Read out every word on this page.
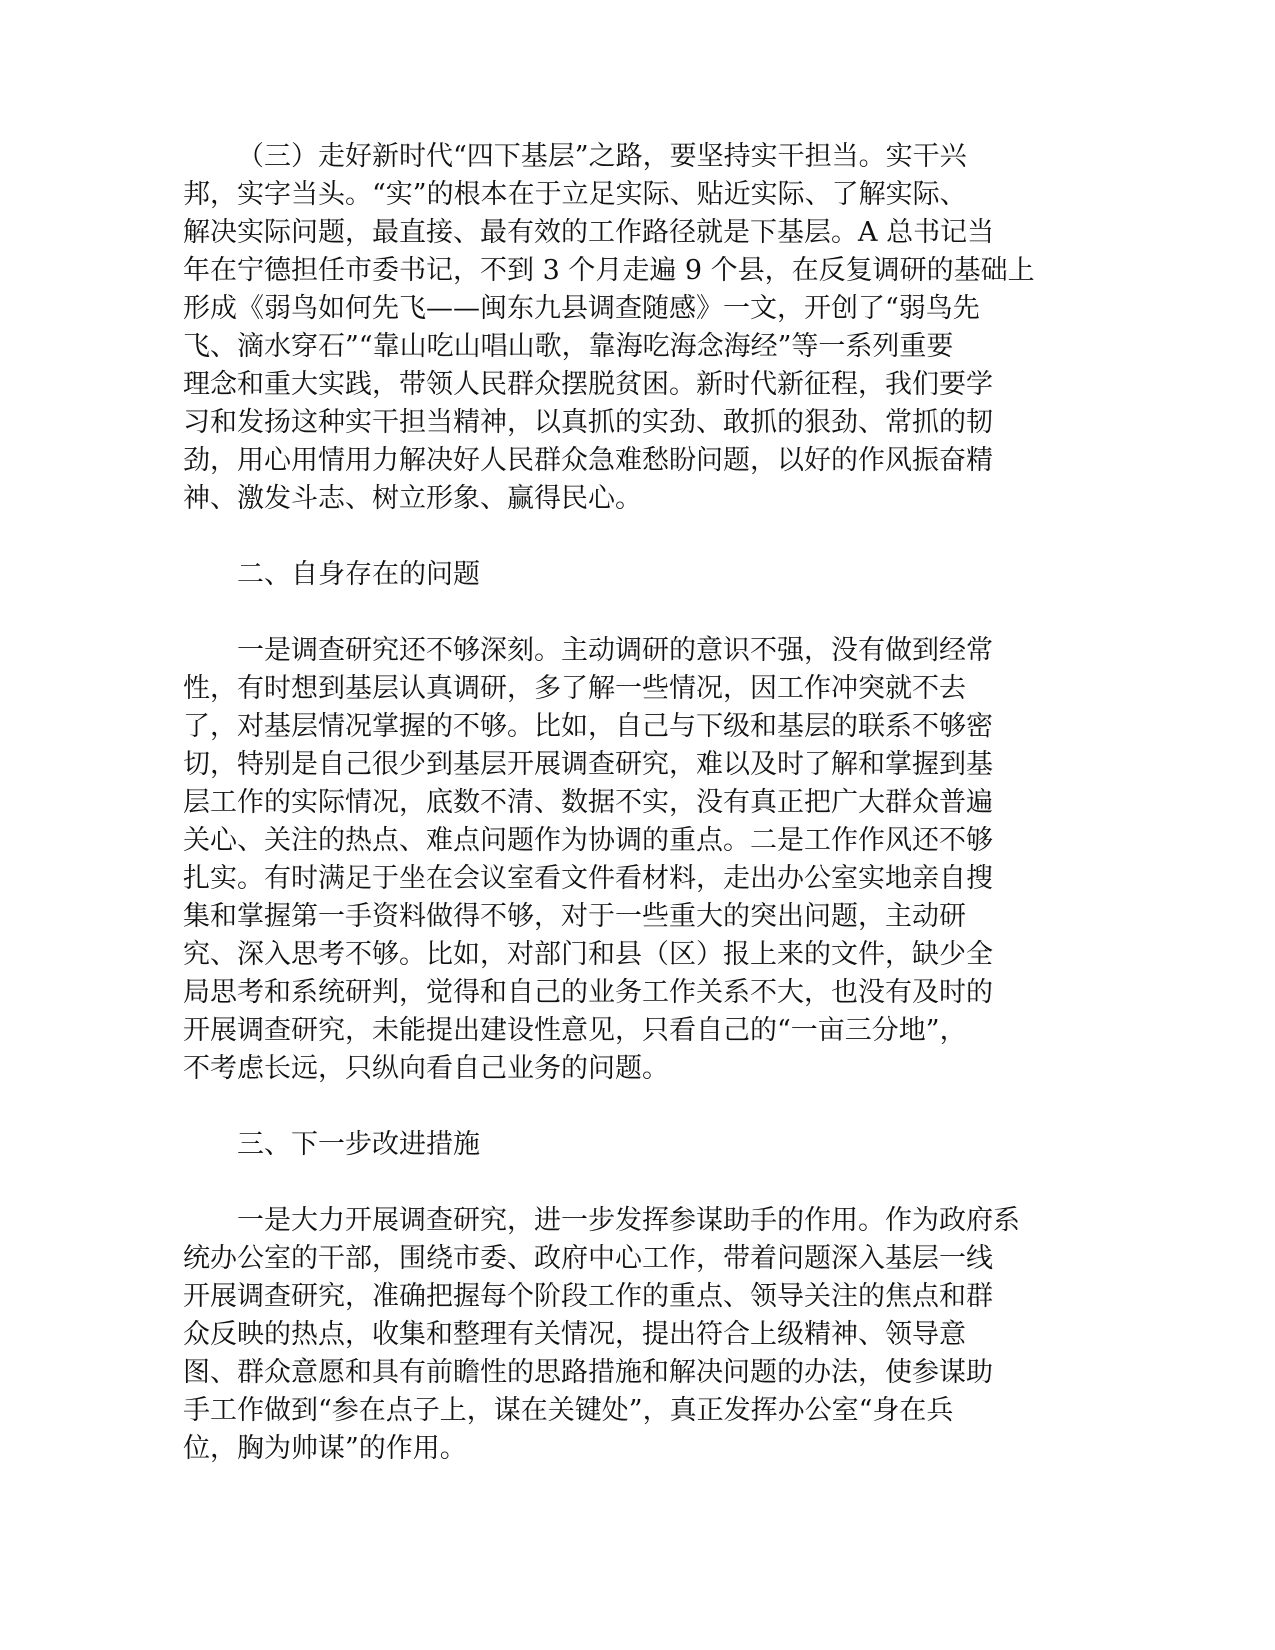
（三）走好新时代“四下基层”之路，要坚持实干担当。实干兴
邦，实字当头。“实”的根本在于立足实际、贴近实际、了解实际、
解决实际问题，最直接、最有效的工作路径就是下基层。A 总书记当
年在宁德担任市委书记，不到 3 个月走遍 9 个县，在反复调研的基础上
形成《弱鸟如何先飞——闽东九县调查随感》一文，开创了“弱鸟先
飞、滴水穿石”“靠山吃山唱山歌，靠海吃海念海经”等一系列重要
理念和重大实践，带领人民群众摆脱贫困。新时代新征程，我们要学
习和发扬这种实干担当精神，以真抓的实劲、敢抓的狠劲、常抓的韧
劲，用心用情用力解决好人民群众急难愁盼问题，以好的作风振奋精
神、激发斗志、树立形象、赢得民心。
二、自身存在的问题
一是调查研究还不够深刻。主动调研的意识不强，没有做到经常
性，有时想到基层认真调研，多了解一些情况，因工作冲突就不去
了，对基层情况掌握的不够。比如，自己与下级和基层的联系不够密
切，特别是自己很少到基层开展调查研究，难以及时了解和掌握到基
层工作的实际情况，底数不清、数据不实，没有真正把广大群众普遍
关心、关注的热点、难点问题作为协调的重点。二是工作作风还不够
扎实。有时满足于坐在会议室看文件看材料，走出办公室实地亲自搜
集和掌握第一手资料做得不够，对于一些重大的突出问题，主动研
究、深入思考不够。比如，对部门和县（区）报上来的文件，缺少全
局思考和系统研判，觉得和自己的业务工作关系不大，也没有及时的
开展调查研究，未能提出建设性意见，只看自己的“一亩三分地”，
不考虑长远，只纵向看自己业务的问题。
三、下一步改进措施
一是大力开展调查研究，进一步发挥参谋助手的作用。作为政府系
统办公室的干部，围绕市委、政府中心工作，带着问题深入基层一线
开展调查研究，准确把握每个阶段工作的重点、领导关注的焦点和群
众反映的热点，收集和整理有关情况，提出符合上级精神、领导意
图、群众意愿和具有前瞻性的思路措施和解决问题的办法，使参谋助
手工作做到“参在点子上，谋在关键处”，真正发挥办公室“身在兵
位，胸为帅谋”的作用。
